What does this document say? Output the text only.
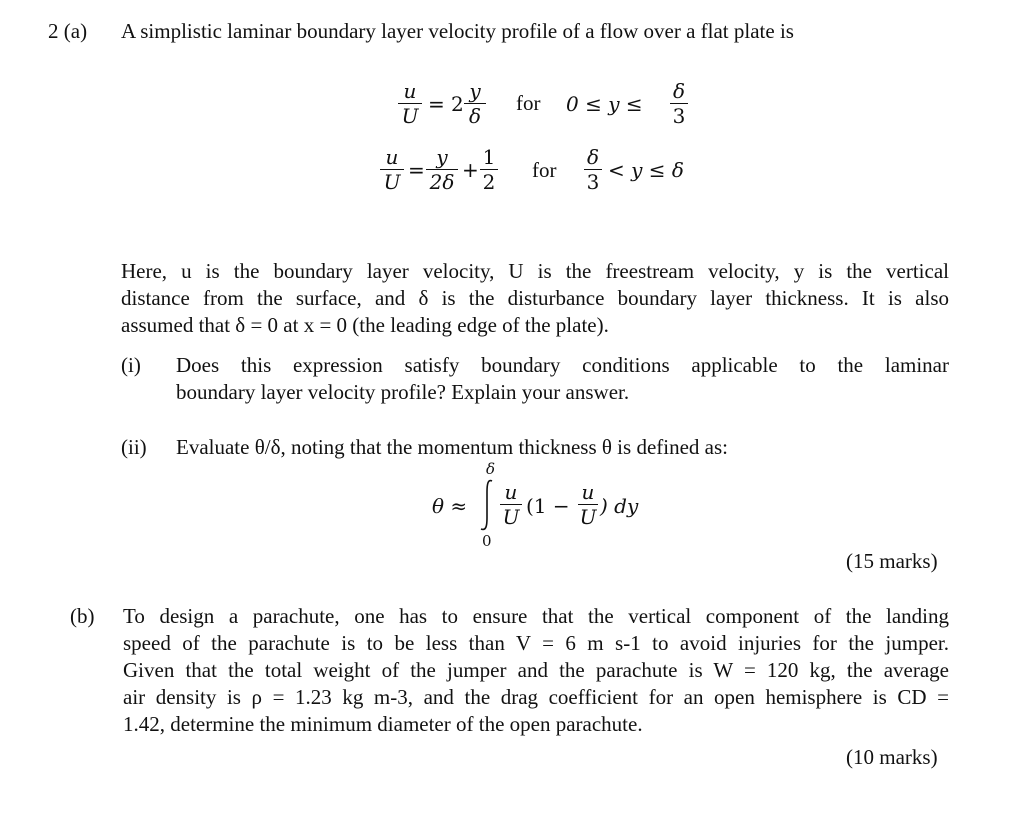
2 (a) A simplistic laminar boundary layer velocity profile of a flow over a flat plate is
u
U
= 2
y
δ
for 0 ≤ y ≤
δ
3
u
U
=
y
2δ
+
1
2
for
δ
3
< y ≤ δ
Here, u is the boundary layer velocity, U is the freestream velocity, y is the vertical
distance from the surface, and δ is the disturbance boundary layer thickness. It is also
assumed that δ = 0 at x = 0 (the leading edge of the plate).
(i) Does this expression satisfy boundary conditions applicable to the laminar
boundary layer velocity profile? Explain your answer.
(ii) Evaluate θ/δ, noting that the momentum thickness θ is defined as:
θ ≈
δ
0
u
U (1 −
u
U ) dy
(15 marks)
(b) To design a parachute, one has to ensure that the vertical component of the landing
speed of the parachute is to be less than V = 6 m s-1 to avoid injuries for the jumper.
Given that the total weight of the jumper and the parachute is W = 120 kg, the average
air density is ρ = 1.23 kg m-3, and the drag coefficient for an open hemisphere is CD =
1.42, determine the minimum diameter of the open parachute.
(10 marks)
